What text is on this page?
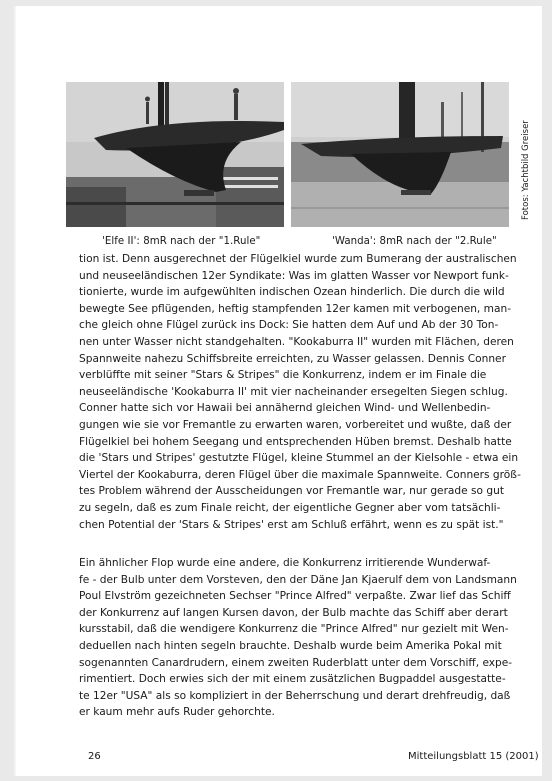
'Elfe II': 8mR nach der "1.Rule"	'Wanda': 8mR nach der "2.Rule"
Fotos: Yachtbild Greiser
tion ist. Denn ausgerechnet der Flügelkiel wurde zum Bumerang der australischen
und neuseeländischen 12er Syndikate: Was im glatten Wasser vor Newport funk-
tionierte, wurde im aufgewühlten indischen Ozean hinderlich. Die durch die wild
bewegte See pflügenden, heftig stampfenden 12er kamen mit verbogenen, man-
che gleich ohne Flügel zurück ins Dock: Sie hatten dem Auf und Ab der 30 Ton-
nen unter Wasser nicht standgehalten. "Kookaburra II" wurden mit Flächen, deren
Spannweite nahezu Schiffsbreite erreichten, zu Wasser gelassen. Dennis Conner
verblüffte mit seiner "Stars & Stripes" die Konkurrenz, indem er im Finale die
neuseeländische 'Kookaburra II' mit vier nacheinander ersegelten Siegen schlug.
Conner hatte sich vor Hawaii bei annähernd gleichen Wind- und Wellenbedin-
gungen wie sie vor Fremantle zu erwarten waren, vorbereitet und wußte, daß der
Flügelkiel bei hohem Seegang und entsprechenden Hüben bremst. Deshalb hatte
die 'Stars und Stripes' gestutzte Flügel, kleine Stummel an der Kielsohle - etwa ein
Viertel der Kookaburra, deren Flügel über die maximale Spannweite. Conners größ-
tes Problem während der Ausscheidungen vor Fremantle war, nur gerade so gut
zu segeln, daß es zum Finale reicht, der eigentliche Gegner aber vom tatsächli-
chen Potential der 'Stars & Stripes' erst am Schluß erfährt, wenn es zu spät ist."
Ein ähnlicher Flop wurde eine andere, die Konkurrenz irritierende Wunderwaf-
fe - der Bulb unter dem Vorsteven, den der Däne Jan Kjaerulf dem von Landsmann
Poul Elvström gezeichneten Sechser "Prince Alfred" verpaßte. Zwar lief das Schiff
der Konkurrenz auf langen Kursen davon, der Bulb machte das Schiff aber derart
kursstabil, daß die wendigere Konkurrenz die "Prince Alfred" nur gezielt mit Wen-
deduellen nach hinten segeln brauchte. Deshalb wurde beim Amerika Pokal mit
sogenannten Canardrudern, einem zweiten Ruderblatt unter dem Vorschiff, expe-
rimentiert. Doch erwies sich der mit einem zusätzlichen Bugpaddel ausgestatte-
te 12er "USA" als so kompliziert in der Beherrschung und derart drehfreudig, daß
er kaum mehr aufs Ruder gehorchte.
26	Mitteilungsblatt 15 (2001)
